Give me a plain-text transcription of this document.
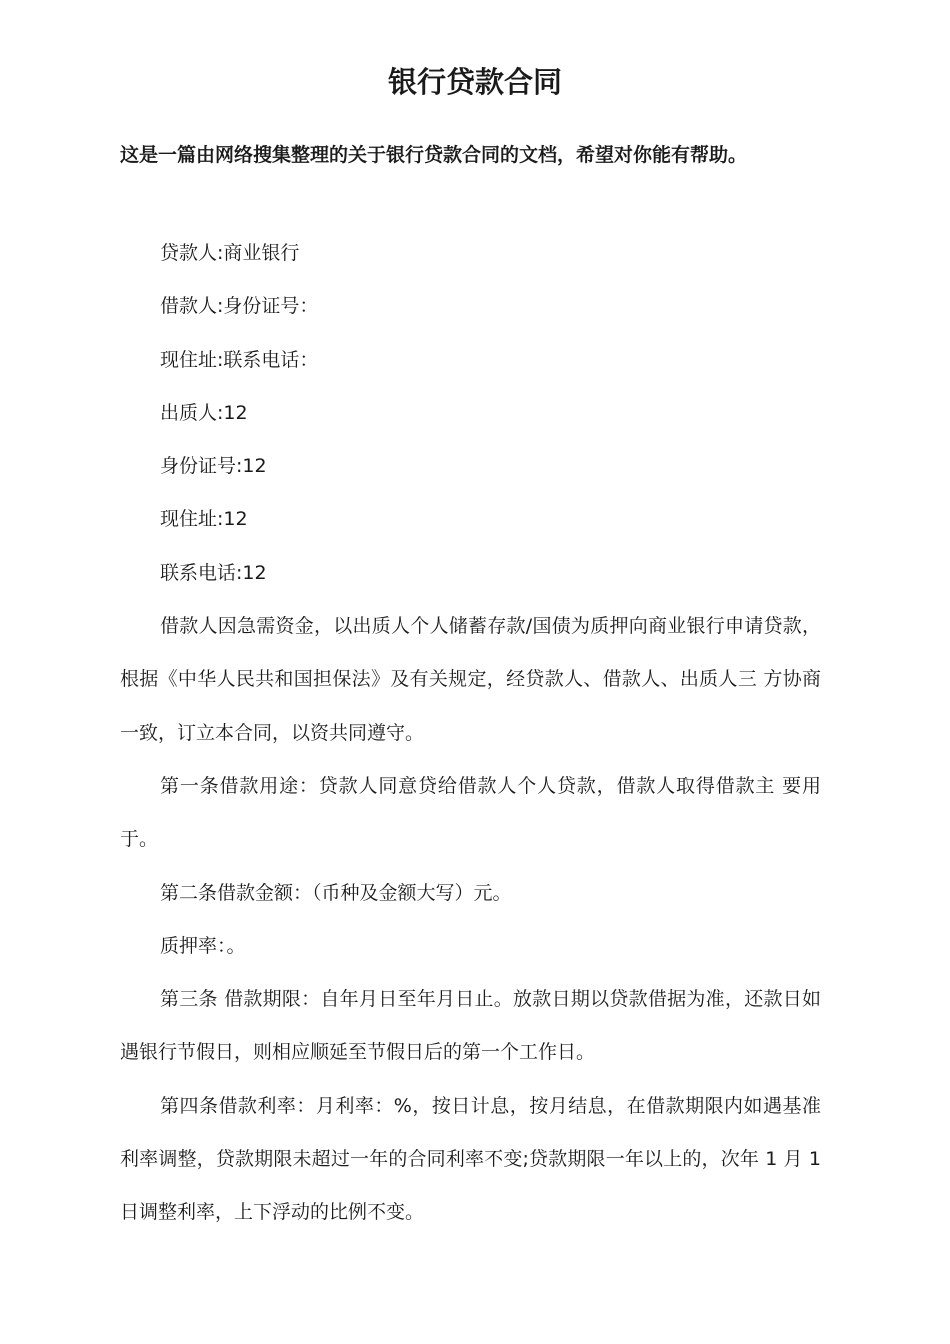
银行贷款合同

这是一篇由网络搜集整理的关于银行贷款合同的文档，希望对你能有帮助。

贷款人:商业银行

借款人:身份证号：

现住址:联系电话：

出质人:12

身份证号:12

现住址:12

联系电话:12

借款人因急需资金，以出质人个人储蓄存款/国债为质押向商业银行申请贷款，根据《中华人民共和国担保法》及有关规定，经贷款人、借款人、出质人三 方协商一致，订立本合同，以资共同遵守。

第一条借款用途：贷款人同意贷给借款人个人贷款，借款人取得借款主 要用于。

第二条借款金额：（币种及金额大写）元。

质押率：。

第三条 借款期限：自年月日至年月日止。放款日期以贷款借据为准，还款日如遇银行节假日，则相应顺延至节假日后的第一个工作日。

第四条借款利率：月利率：%，按日计息，按月结息，在借款期限内如遇基准利率调整，贷款期限未超过一年的合同利率不变;贷款期限一年以上的，次年 1 月 1 日调整利率，上下浮动的比例不变。
